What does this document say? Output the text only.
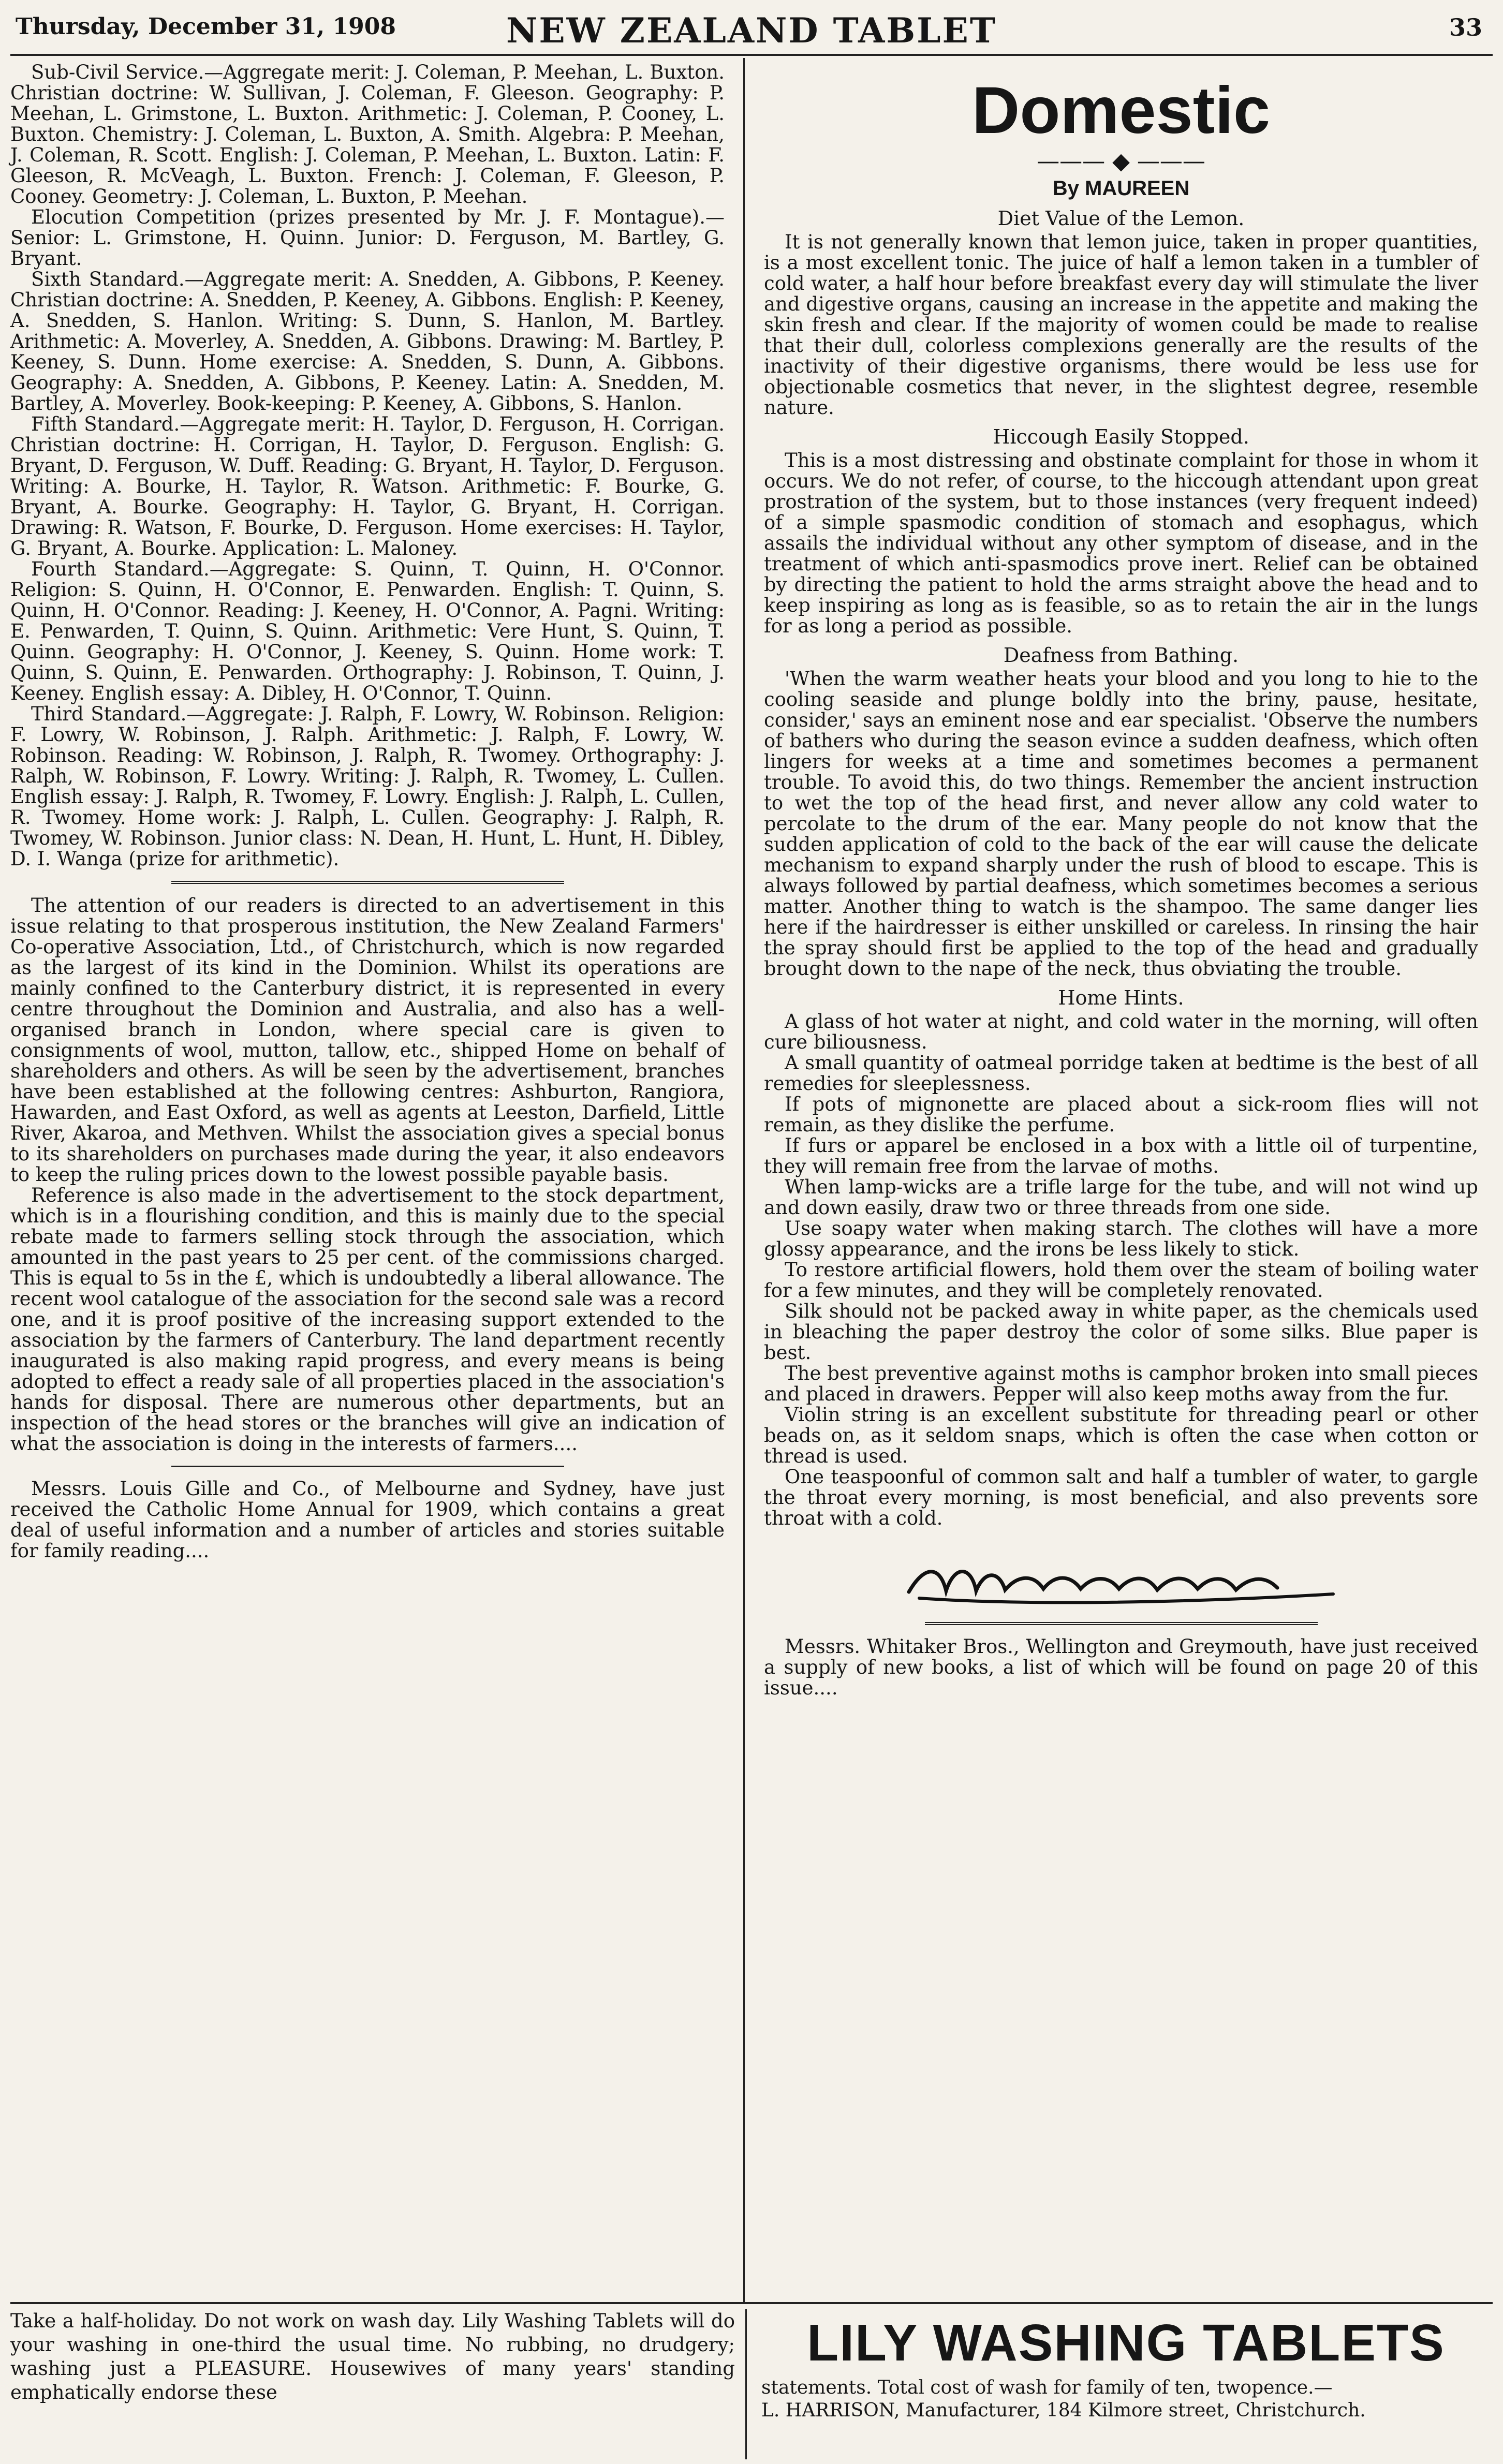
Thursday, December 31, 1908	NEW ZEALAND TABLET	33

Sub-Civil Service.—Aggregate merit: J. Coleman, P. Meehan, L. Buxton. Christian doctrine: W. Sullivan, J. Coleman, F. Gleeson. Geography: P. Meehan, L. Grimstone, L. Buxton. Arithmetic: J. Coleman, P. Cooney, L. Buxton. Chemistry: J. Coleman, L. Buxton, A. Smith. Algebra: P. Meehan, J. Coleman, R. Scott. English: J. Coleman, P. Meehan, L. Buxton. Latin: F. Gleeson, R. McVeagh, L. Buxton. French: J. Coleman, F. Gleeson, P. Cooney. Geometry: J. Coleman, L. Buxton, P. Meehan.

Elocution Competition (prizes presented by Mr. J. F. Montague).—Senior: L. Grimstone, H. Quinn. Junior: D. Ferguson, M. Bartley, G. Bryant.

Sixth Standard.—Aggregate merit: A. Snedden, A. Gibbons, P. Keeney. Christian doctrine: A. Snedden, P. Keeney, A. Gibbons. English: P. Keeney, A. Snedden, S. Hanlon. Writing: S. Dunn, S. Hanlon, M. Bartley. Arithmetic: A. Moverley, A. Snedden, A. Gibbons. Drawing: M. Bartley, P. Keeney, S. Dunn. Home exercise: A. Snedden, S. Dunn, A. Gibbons. Geography: A. Snedden, A. Gibbons, P. Keeney. Latin: A. Snedden, M. Bartley, A. Moverley. Book-keeping: P. Keeney, A. Gibbons, S. Hanlon.

Fifth Standard.—Aggregate merit: H. Taylor, D. Ferguson, H. Corrigan. Christian doctrine: H. Corrigan, H. Taylor, D. Ferguson. English: G. Bryant, D. Ferguson, W. Duff. Reading: G. Bryant, H. Taylor, D. Ferguson. Writing: A. Bourke, H. Taylor, R. Watson. Arithmetic: F. Bourke, G. Bryant, A. Bourke. Geography: H. Taylor, G. Bryant, H. Corrigan. Drawing: R. Watson, F. Bourke, D. Ferguson. Home exercises: H. Taylor, G. Bryant, A. Bourke. Application: L. Maloney.

Fourth Standard.—Aggregate: S. Quinn, T. Quinn, H. O'Connor. Religion: S. Quinn, H. O'Connor, E. Penwarden. English: T. Quinn, S. Quinn, H. O'Connor. Reading: J. Keeney, H. O'Connor, A. Pagni. Writing: E. Penwarden, T. Quinn, S. Quinn. Arithmetic: Vere Hunt, S. Quinn, T. Quinn. Geography: H. O'Connor, J. Keeney, S. Quinn. Home work: T. Quinn, S. Quinn, E. Penwarden. Orthography: J. Robinson, T. Quinn, J. Keeney. English essay: A. Dibley, H. O'Connor, T. Quinn.

Third Standard.—Aggregate: J. Ralph, F. Lowry, W. Robinson. Religion: F. Lowry, W. Robinson, J. Ralph. Arithmetic: J. Ralph, F. Lowry, W. Robinson. Reading: W. Robinson, J. Ralph, R. Twomey. Orthography: J. Ralph, W. Robinson, F. Lowry. Writing: J. Ralph, R. Twomey, L. Cullen. English essay: J. Ralph, R. Twomey, F. Lowry. English: J. Ralph, L. Cullen, R. Twomey. Home work: J. Ralph, L. Cullen. Geography: J. Ralph, R. Twomey, W. Robinson. Junior class: N. Dean, H. Hunt, L. Hunt, H. Dibley, D. I. Wanga (prize for arithmetic).

The attention of our readers is directed to an advertisement in this issue relating to that prosperous institution, the New Zealand Farmers' Co-operative Association, Ltd., of Christchurch, which is now regarded as the largest of its kind in the Dominion. Whilst its operations are mainly confined to the Canterbury district, it is represented in every centre throughout the Dominion and Australia, and also has a well-organised branch in London, where special care is given to consignments of wool, mutton, tallow, etc., shipped Home on behalf of shareholders and others. As will be seen by the advertisement, branches have been established at the following centres: Ashburton, Rangiora, Hawarden, and East Oxford, as well as agents at Leeston, Darfield, Little River, Akaroa, and Methven. Whilst the association gives a special bonus to its shareholders on purchases made during the year, it also endeavors to keep the ruling prices down to the lowest possible payable basis.

Reference is also made in the advertisement to the stock department, which is in a flourishing condition, and this is mainly due to the special rebate made to farmers selling stock through the association, which amounted in the past years to 25 per cent. of the commissions charged. This is equal to 5s in the £, which is undoubtedly a liberal allowance. The recent wool catalogue of the association for the second sale was a record one, and it is proof positive of the increasing support extended to the association by the farmers of Canterbury. The land department recently inaugurated is also making rapid progress, and every means is being adopted to effect a ready sale of all properties placed in the association's hands for disposal. There are numerous other departments, but an inspection of the head stores or the branches will give an indication of what the association is doing in the interests of farmers....

Messrs. Louis Gille and Co., of Melbourne and Sydney, have just received the Catholic Home Annual for 1909, which contains a great deal of useful information and a number of articles and stories suitable for family reading....

Domestic
——— ◆ ———
By MAUREEN
Diet Value of the Lemon.

It is not generally known that lemon juice, taken in proper quantities, is a most excellent tonic. The juice of half a lemon taken in a tumbler of cold water, a half hour before breakfast every day will stimulate the liver and digestive organs, causing an increase in the appetite and making the skin fresh and clear. If the majority of women could be made to realise that their dull, colorless complexions generally are the results of the inactivity of their digestive organisms, there would be less use for objectionable cosmetics that never, in the slightest degree, resemble nature.

Hiccough Easily Stopped.

This is a most distressing and obstinate complaint for those in whom it occurs. We do not refer, of course, to the hiccough attendant upon great prostration of the system, but to those instances (very frequent indeed) of a simple spasmodic condition of stomach and esophagus, which assails the individual without any other symptom of disease, and in the treatment of which anti-spasmodics prove inert. Relief can be obtained by directing the patient to hold the arms straight above the head and to keep inspiring as long as is feasible, so as to retain the air in the lungs for as long a period as possible.

Deafness from Bathing.

'When the warm weather heats your blood and you long to hie to the cooling seaside and plunge boldly into the briny, pause, hesitate, consider,' says an eminent nose and ear specialist. 'Observe the numbers of bathers who during the season evince a sudden deafness, which often lingers for weeks at a time and sometimes becomes a permanent trouble. To avoid this, do two things. Remember the ancient instruction to wet the top of the head first, and never allow any cold water to percolate to the drum of the ear. Many people do not know that the sudden application of cold to the back of the ear will cause the delicate mechanism to expand sharply under the rush of blood to escape. This is always followed by partial deafness, which sometimes becomes a serious matter. Another thing to watch is the shampoo. The same danger lies here if the hairdresser is either unskilled or careless. In rinsing the hair the spray should first be applied to the top of the head and gradually brought down to the nape of the neck, thus obviating the trouble.

Home Hints.

A glass of hot water at night, and cold water in the morning, will often cure biliousness.

A small quantity of oatmeal porridge taken at bedtime is the best of all remedies for sleeplessness.

If pots of mignonette are placed about a sick-room flies will not remain, as they dislike the perfume.

If furs or apparel be enclosed in a box with a little oil of turpentine, they will remain free from the larvae of moths.

When lamp-wicks are a trifle large for the tube, and will not wind up and down easily, draw two or three threads from one side.

Use soapy water when making starch. The clothes will have a more glossy appearance, and the irons be less likely to stick.

To restore artificial flowers, hold them over the steam of boiling water for a few minutes, and they will be completely renovated.

Silk should not be packed away in white paper, as the chemicals used in bleaching the paper destroy the color of some silks. Blue paper is best.

The best preventive against moths is camphor broken into small pieces and placed in drawers. Pepper will also keep moths away from the fur.

Violin string is an excellent substitute for threading pearl or other beads on, as it seldom snaps, which is often the case when cotton or thread is used.

One teaspoonful of common salt and half a tumbler of water, to gargle the throat every morning, is most beneficial, and also prevents sore throat with a cold.

Messrs. Whitaker Bros., Wellington and Greymouth, have just received a supply of new books, a list of which will be found on page 20 of this issue....

Take a half-holiday. Do not work on wash day. Lily Washing Tablets will do your washing in one-third the usual time. No rubbing, no drudgery; washing just a PLEASURE. Housewives of many years' standing emphatically endorse these
LILY WASHING TABLETS
statements. Total cost of wash for family of ten, twopence.—
L. HARRISON, Manufacturer, 184 Kilmore street, Christchurch.
